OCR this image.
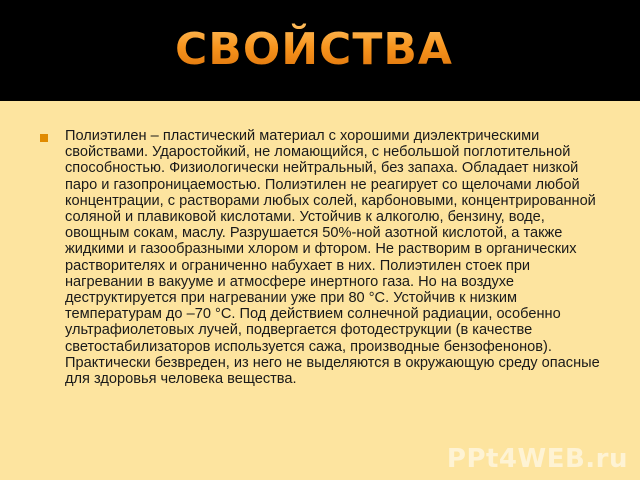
СВОЙСТВА

Полиэтилен – пластический материал с хорошими диэлектрическими свойствами. Ударостойкий, не ломающийся, с небольшой поглотительной способностью. Физиологически нейтральный, без запаха. Обладает низкой паро и газопроницаемостью. Полиэтилен не реагирует со щелочами любой концентрации, с растворами любых солей, карбоновыми, концентрированной соляной и плавиковой кислотами. Устойчив к алкоголю, бензину, воде, овощным сокам, маслу. Разрушается 50%-ной азотной кислотой, а также жидкими и газообразными хлором и фтором. Не растворим в органических растворителях и ограниченно набухает в них. Полиэтилен стоек при нагревании в вакууме и атмосфере инертного газа. Но на воздухе деструктируется при нагревании уже при 80 °С. Устойчив к низким температурам до –70 °С. Под действием солнечной радиации, особенно ультрафиолетовых лучей, подвергается фотодеструкции (в качестве светостабилизаторов используется сажа, производные бензофенонов). Практически безвреден, из него не выделяются в окружающую среду опасные для здоровья человека вещества.

PPt4WEB.ru
